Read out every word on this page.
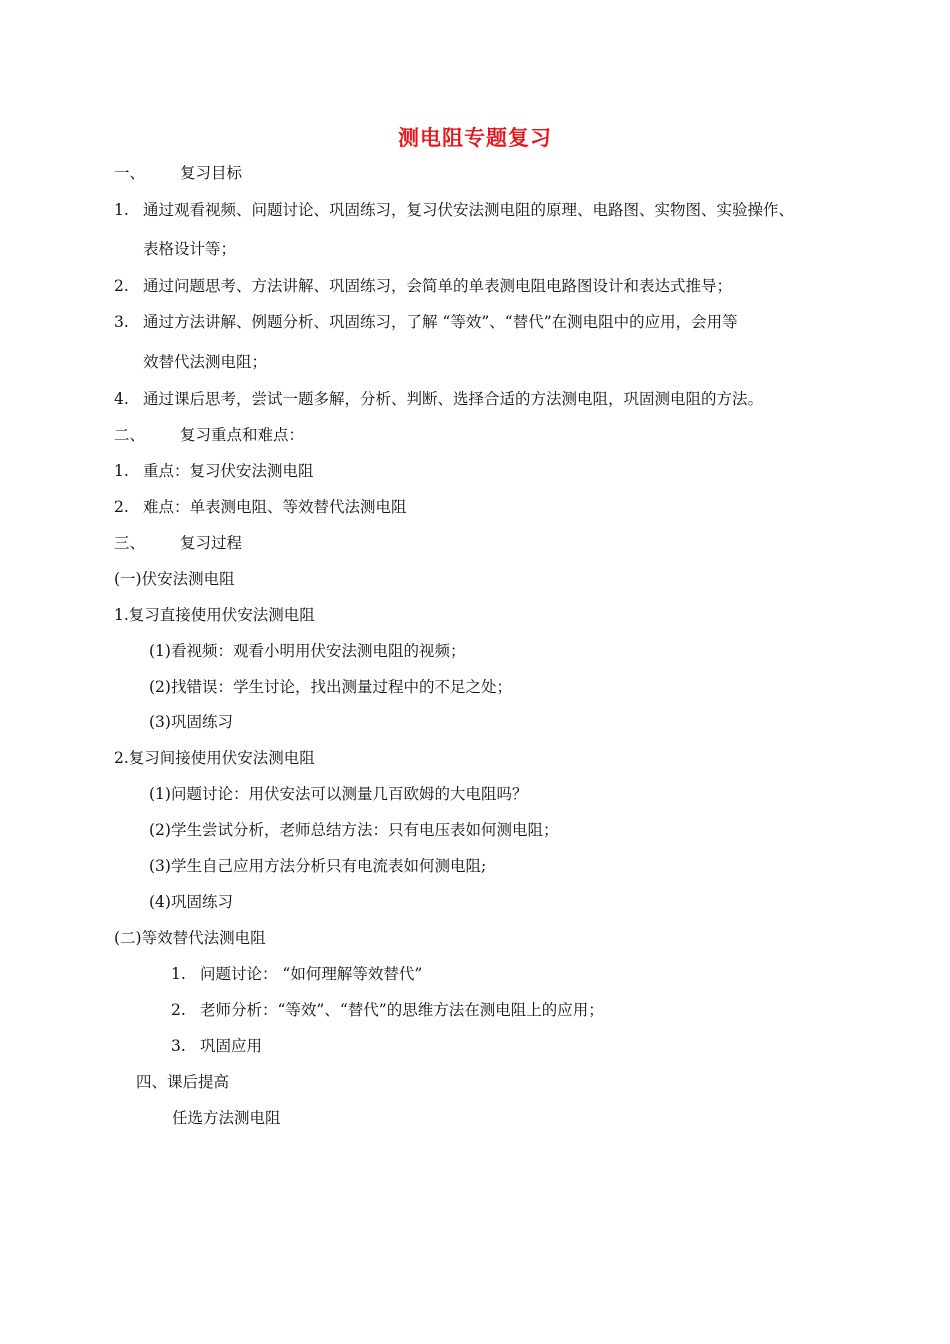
测电阻专题复习
一、 复习目标
1. 通过观看视频、问题讨论、巩固练习，复习伏安法测电阻的原理、电路图、实物图、实验操作、
表格设计等；
2. 通过问题思考、方法讲解、巩固练习，会简单的单表测电阻电路图设计和表达式推导；
3. 通过方法讲解、例题分析、巩固练习，了解 “等效”、“替代”在测电阻中的应用，会用等
效替代法测电阻；
4. 通过课后思考，尝试一题多解，分析、判断、选择合适的方法测电阻，巩固测电阻的方法。
二、 复习重点和难点：
1. 重点：复习伏安法测电阻
2. 难点：单表测电阻、等效替代法测电阻
三、 复习过程
(一)伏安法测电阻
1.复习直接使用伏安法测电阻
(1)看视频：观看小明用伏安法测电阻的视频；
(2)找错误：学生讨论，找出测量过程中的不足之处；
(3)巩固练习
2.复习间接使用伏安法测电阻
(1)问题讨论：用伏安法可以测量几百欧姆的大电阻吗？
(2)学生尝试分析，老师总结方法：只有电压表如何测电阻；
(3)学生自己应用方法分析只有电流表如何测电阻;
(4)巩固练习
(二)等效替代法测电阻
1. 问题讨论： “如何理解等效替代”
2. 老师分析：“等效”、“替代”的思维方法在测电阻上的应用；
3. 巩固应用
四、课后提高
任选方法测电阻
